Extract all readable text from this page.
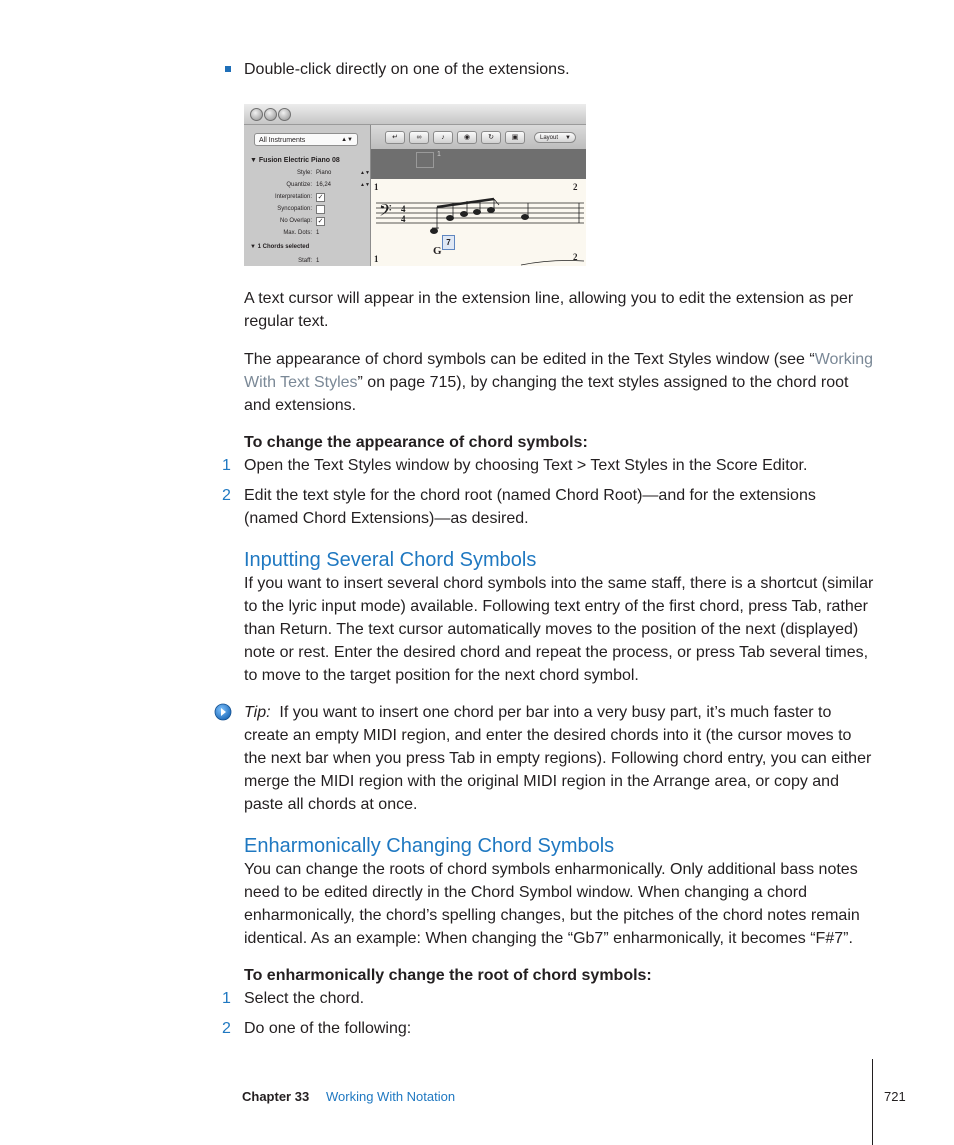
Double-click directly on one of the extensions.

All Instruments	▲▼
▼ Fusion Electric Piano 08
Style: Piano	▲▼
Quantize: 16,24	▲▼
Interpretation: ✓
Syncopation:
No Overlap: ✓
Max. Dots: 1
▼ 1 Chords selected
Staff: 1
↵	∞	♪	◉	↻	▣	Layout ▼
1
1	2
𝄢 4
4
1	2
G
7

A text cursor will appear in the extension line, allowing you to edit the extension as per regular text.

The appearance of chord symbols can be edited in the Text Styles window (see “Working With Text Styles” on page 715), by changing the text styles assigned to the chord root and extensions.

To change the appearance of chord symbols:

1 Open the Text Styles window by choosing Text > Text Styles in the Score Editor.

2 Edit the text style for the chord root (named Chord Root)—and for the extensions (named Chord Extensions)—as desired.

Inputting Several Chord Symbols

If you want to insert several chord symbols into the same staff, there is a shortcut (similar to the lyric input mode) available. Following text entry of the first chord, press Tab, rather than Return. The text cursor automatically moves to the position of the next (displayed) note or rest. Enter the desired chord and repeat the process, or press Tab several times, to move to the target position for the next chord symbol.

Tip: If you want to insert one chord per bar into a very busy part, it’s much faster to create an empty MIDI region, and enter the desired chords into it (the cursor moves to the next bar when you press Tab in empty regions). Following chord entry, you can either merge the MIDI region with the original MIDI region in the Arrange area, or copy and paste all chords at once.

Enharmonically Changing Chord Symbols

You can change the roots of chord symbols enharmonically. Only additional bass notes need to be edited directly in the Chord Symbol window. When changing a chord enharmonically, the chord’s spelling changes, but the pitches of the chord notes remain identical. As an example: When changing the “Gb7” enharmonically, it becomes “F#7”.

To enharmonically change the root of chord symbols:

1 Select the chord.

2 Do one of the following:

Chapter 33 Working With Notation	721
